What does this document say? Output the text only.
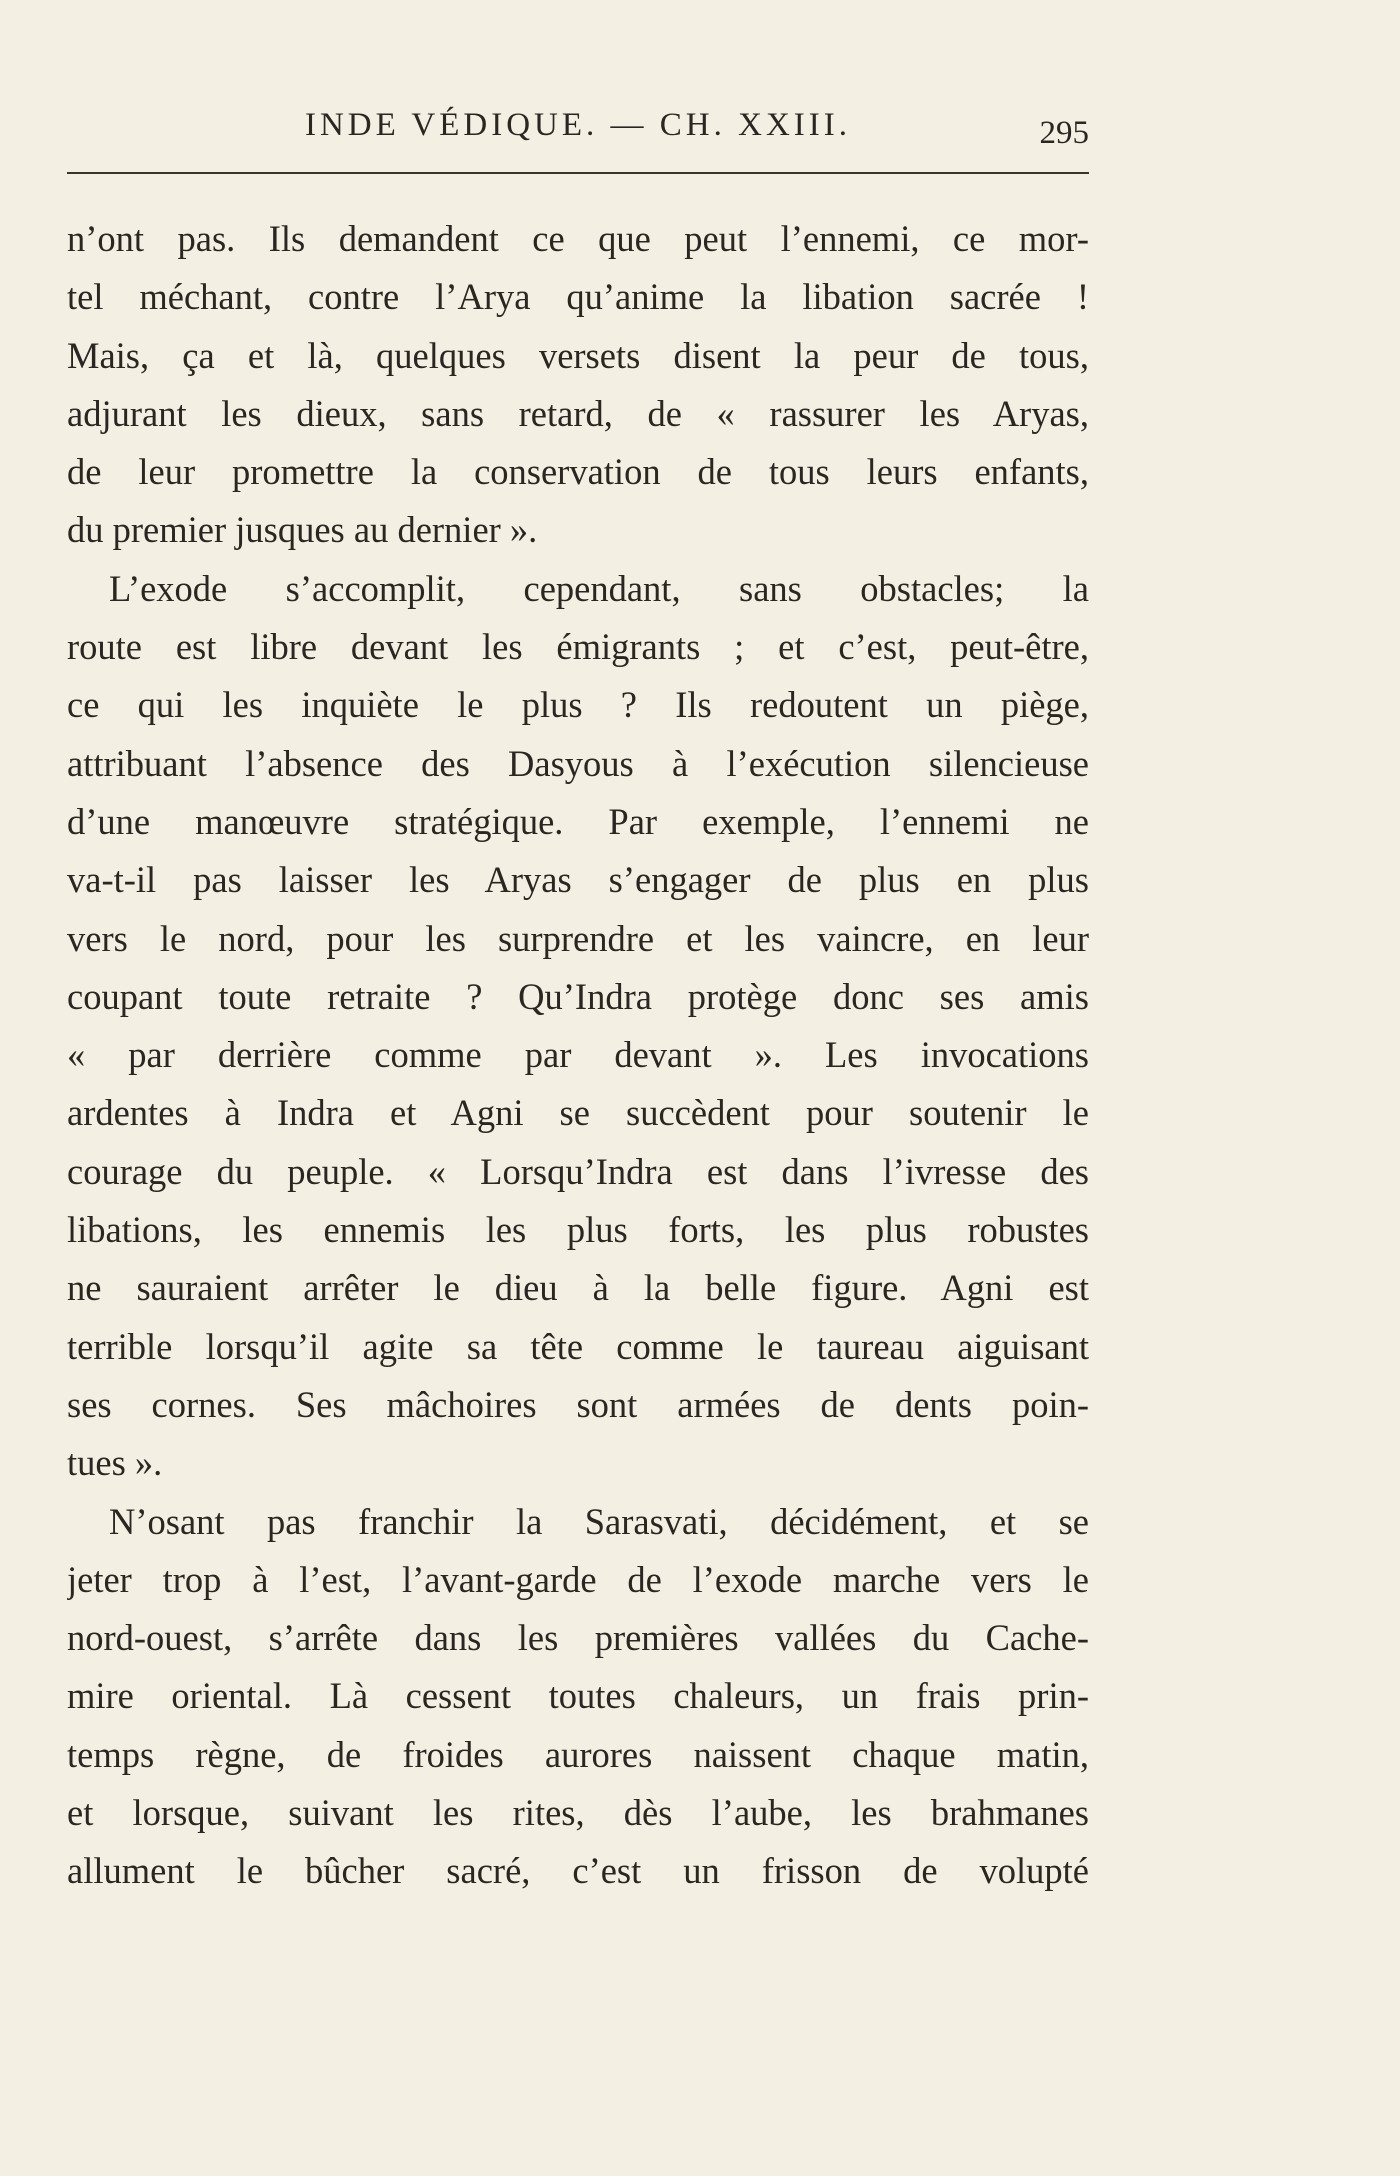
INDE VÉDIQUE. — CH. XXIII.	295
n’ont pas. Ils demandent ce que peut l’ennemi, ce mor-
tel méchant, contre l’Arya qu’anime la libation sacrée !
Mais, ça et là, quelques versets disent la peur de tous,
adjurant les dieux, sans retard, de « rassurer les Aryas,
de leur promettre la conservation de tous leurs enfants,
du premier jusques au dernier ».
L’exode s’accomplit, cependant, sans obstacles; la
route est libre devant les émigrants ; et c’est, peut-être,
ce qui les inquiète le plus ? Ils redoutent un piège,
attribuant l’absence des Dasyous à l’exécution silencieuse
d’une manœuvre stratégique. Par exemple, l’ennemi ne
va-t-il pas laisser les Aryas s’engager de plus en plus
vers le nord, pour les surprendre et les vaincre, en leur
coupant toute retraite ? Qu’Indra protège donc ses amis
« par derrière comme par devant ». Les invocations
ardentes à Indra et Agni se succèdent pour soutenir le
courage du peuple. « Lorsqu’Indra est dans l’ivresse des
libations, les ennemis les plus forts, les plus robustes
ne sauraient arrêter le dieu à la belle figure. Agni est
terrible lorsqu’il agite sa tête comme le taureau aiguisant
ses cornes. Ses mâchoires sont armées de dents poin-
tues ».
N’osant pas franchir la Sarasvati, décidément, et se
jeter trop à l’est, l’avant-garde de l’exode marche vers le
nord-ouest, s’arrête dans les premières vallées du Cache-
mire oriental. Là cessent toutes chaleurs, un frais prin-
temps règne, de froides aurores naissent chaque matin,
et lorsque, suivant les rites, dès l’aube, les brahmanes
allument le bûcher sacré, c’est un frisson de volupté
